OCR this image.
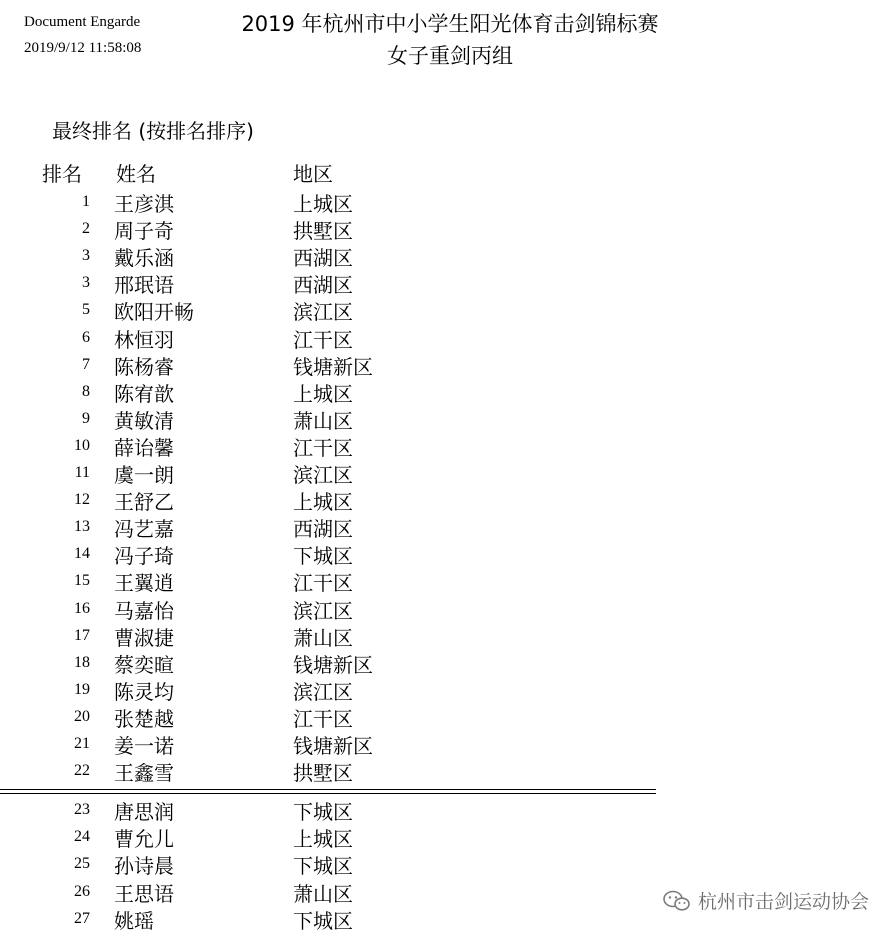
Document Engarde
2019/9/12 11:58:08
2019 年杭州市中小学生阳光体育击剑锦标赛
女子重剑丙组
最终排名 (按排名排序)
排名 姓名	地区
1 王彦淇	上城区
2 周子奇	拱墅区
3 戴乐涵	西湖区
3 邢珉语	西湖区
5 欧阳开畅	滨江区
6 林恒羽	江干区
7 陈杨睿	钱塘新区
8 陈宥歆	上城区
9 黄敏清	萧山区
10 薛诒馨	江干区
11 虞一朗	滨江区
12 王舒乙	上城区
13 冯艺嘉	西湖区
14 冯子琦	下城区
15 王翼逍	江干区
16 马嘉怡	滨江区
17 曹淑捷	萧山区
18 蔡奕暄	钱塘新区
19 陈灵均	滨江区
20 张楚越	江干区
21 姜一诺	钱塘新区
22 王鑫雪	拱墅区
23 唐思润	下城区
24 曹允儿	上城区
25 孙诗晨	下城区
26 王思语	萧山区
27 姚瑶	下城区
杭州市击剑运动协会
